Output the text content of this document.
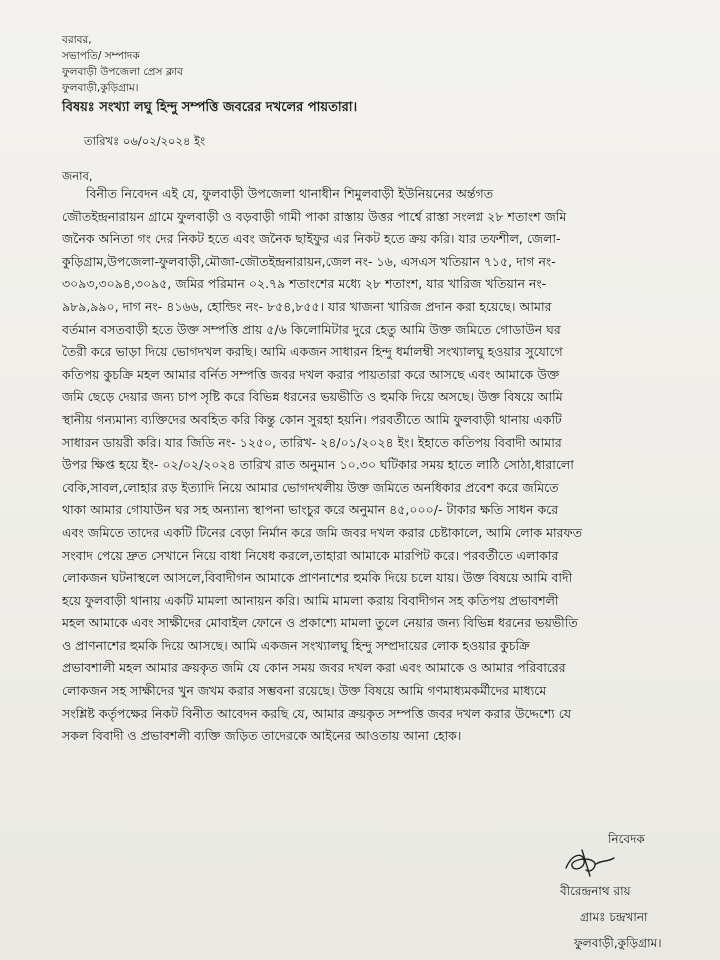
বরাবর,
সভাপতি/ সম্পাদক
ফুলবাড়ী উপজেলা প্রেস ক্লাব
ফুলবাড়ী,কুড়িগ্রাম।
বিষয়ঃ সংখ্যা লঘু হিন্দু সম্পত্তি জবরের দখলের পায়তারা।
তারিখঃ ০৬/০২/২০২৪ ইং
জনাব,
বিনীত নিবেদন এই যে, ফুলবাড়ী উপজেলা থানাধীন শিমুলবাড়ী ইউনিয়নের অর্ন্তগত
জৌতইন্দ্রনারায়ন গ্রামে ফুলবাড়ী ও বড়বাড়ী গামী পাকা রাস্তায় উত্তর পার্শ্বে রাস্তা সংলগ্ন ২৮ শতাংশ জমি
জনৈক অনিতা গং দের নিকট হতে এবং জনৈক ছাইফুর এর নিকট হতে ক্রয় করি। যার তফশীল, জেলা-
কুড়িগ্রাম,উপজেলা-ফুলবাড়ী,মৌজা-জৌতইন্দ্রনারায়ন,জেল নং- ১৬, এসএস খতিয়ান ৭১৫, দাগ নং-
৩০৯৩,৩০৯৪,৩০৯৫, জমির পরিমান ০২.৭৯ শতাংশের মধ্যে ২৮ শতাংশ, যার খারিজ খতিয়ান নং-
৯৮৯,৯৯০, দাগ নং- ৪১৬৬, হোল্ডিং নং- ৮৫৪,৮৫৫। যার খাজনা খারিজ প্রদান করা হয়েছে। আমার
বর্তমান বসতবাড়ী হতে উক্ত সম্পত্তি প্রায় ৫/৬ কিলোমিটার দুরে হেতু আমি উক্ত জমিতে গোডাউন ঘর
তৈরী করে ভাড়া দিয়ে ভোগদখল করছি। আমি একজন সাধারন হিন্দু ধর্মালম্বী সংখ্যালঘু হওয়ার সুযোগে
কতিপয় কুচক্রি মহল আমার বর্নিত সম্পত্তি জবর দখল করার পায়তারা করে আসছে এবং আমাকে উক্ত
জমি ছেড়ে দেয়ার জন্য চাপ সৃষ্টি করে বিভিন্ন ধরনের ভয়ভীতি ও হুমকি দিয়ে অসছে। উক্ত বিষয়ে আমি
স্থানীয় গন্যমান্য ব্যক্তিদের অবহিত করি কিন্তু কোন সুরহা হয়নি। পরবর্তীতে আমি ফুলবাড়ী থানায় একটি
সাধারন ডায়রী করি। যার জিডি নং- ১২৫০, তারিখ- ২৪/০১/২০২৪ ইং। ইহাতে কতিপয় বিবাদী আমার
উপর ক্ষিপ্ত হয়ে ইং- ০২/০২/২০২৪ তারিখ রাত অনুমান ১০.৩০ ঘটিকার সময় হাতে লাঠি সোঠা,ধারালো
বেকি,সাবল,লোহার রড় ইত্যাদি নিয়ে আমার ভোগদখলীয় উক্ত জমিতে অনধিকার প্রবেশ করে জমিতে
থাকা আমার গোযাউন ঘর সহ অন্যান্য স্থাপনা ভাংচুর করে অনুমান ৪৫,০০০/- টাকার ক্ষতি সাধন করে
এবং জমিতে তাদের একটি টিনের বেড়া নির্মান করে জমি জবর দখল করার চেষ্টাকালে, আমি লোক মারফত
সংবাদ পেয়ে দ্রুত সেখানে নিয়ে বাধা নিষেধ করলে,তাহারা আমাকে মারপিট করে। পরবর্তীতে এলাকার
লোকজন ঘটনাস্থলে আসলে,বিবাদীগন আমাকে প্রাণনাশের হুমকি দিয়ে চলে যায়। উক্ত বিষয়ে আমি বাদী
হয়ে ফুলবাড়ী থানায় একটি মামলা আনায়ন করি। আমি মামলা করায় বিবাদীগন সহ কতিপয় প্রভাবশলী
মহল আমাকে এবং সাক্ষীদের মোবাইল ফোনে ও প্রকাশ্যে মামলা তুলে নেয়ার জন্য বিভিন্ন ধরনের ভয়ভীতি
ও প্রাণনাশের হুমকি দিয়ে আসছে। আমি একজন সংখ্যালঘু হিন্দু সম্প্রদায়ের লোক হওয়ার কুচক্রি
প্রভাবশালী মহল আমার ক্রয়কৃত জমি যে কোন সময় জবর দখল করা এবং আমাকে ও আমার পরিবারের
লোকজন সহ সাক্ষীদের খুন জখম করার সম্ভবনা রয়েছে। উক্ত বিষয়ে আমি গণমাধ্যমকর্মীদের মাধ্যমে
সংশ্লিষ্ট কর্তৃপক্ষের নিকট বিনীত আবেদন করছি যে, আমার ক্রয়কৃত সম্পত্তি জবর দখল করার উদ্দেশ্যে যে
সকল বিবাদী ও প্রভাবশলী ব্যক্তি জড়িত তাদেরকে আইনের আওতায় আনা হোক।
নিবেদক
বীরেন্দ্রনাথ রায়
গ্রামঃ চন্দ্রখানা
ফুলবাড়ী,কুড়িগ্রাম।
